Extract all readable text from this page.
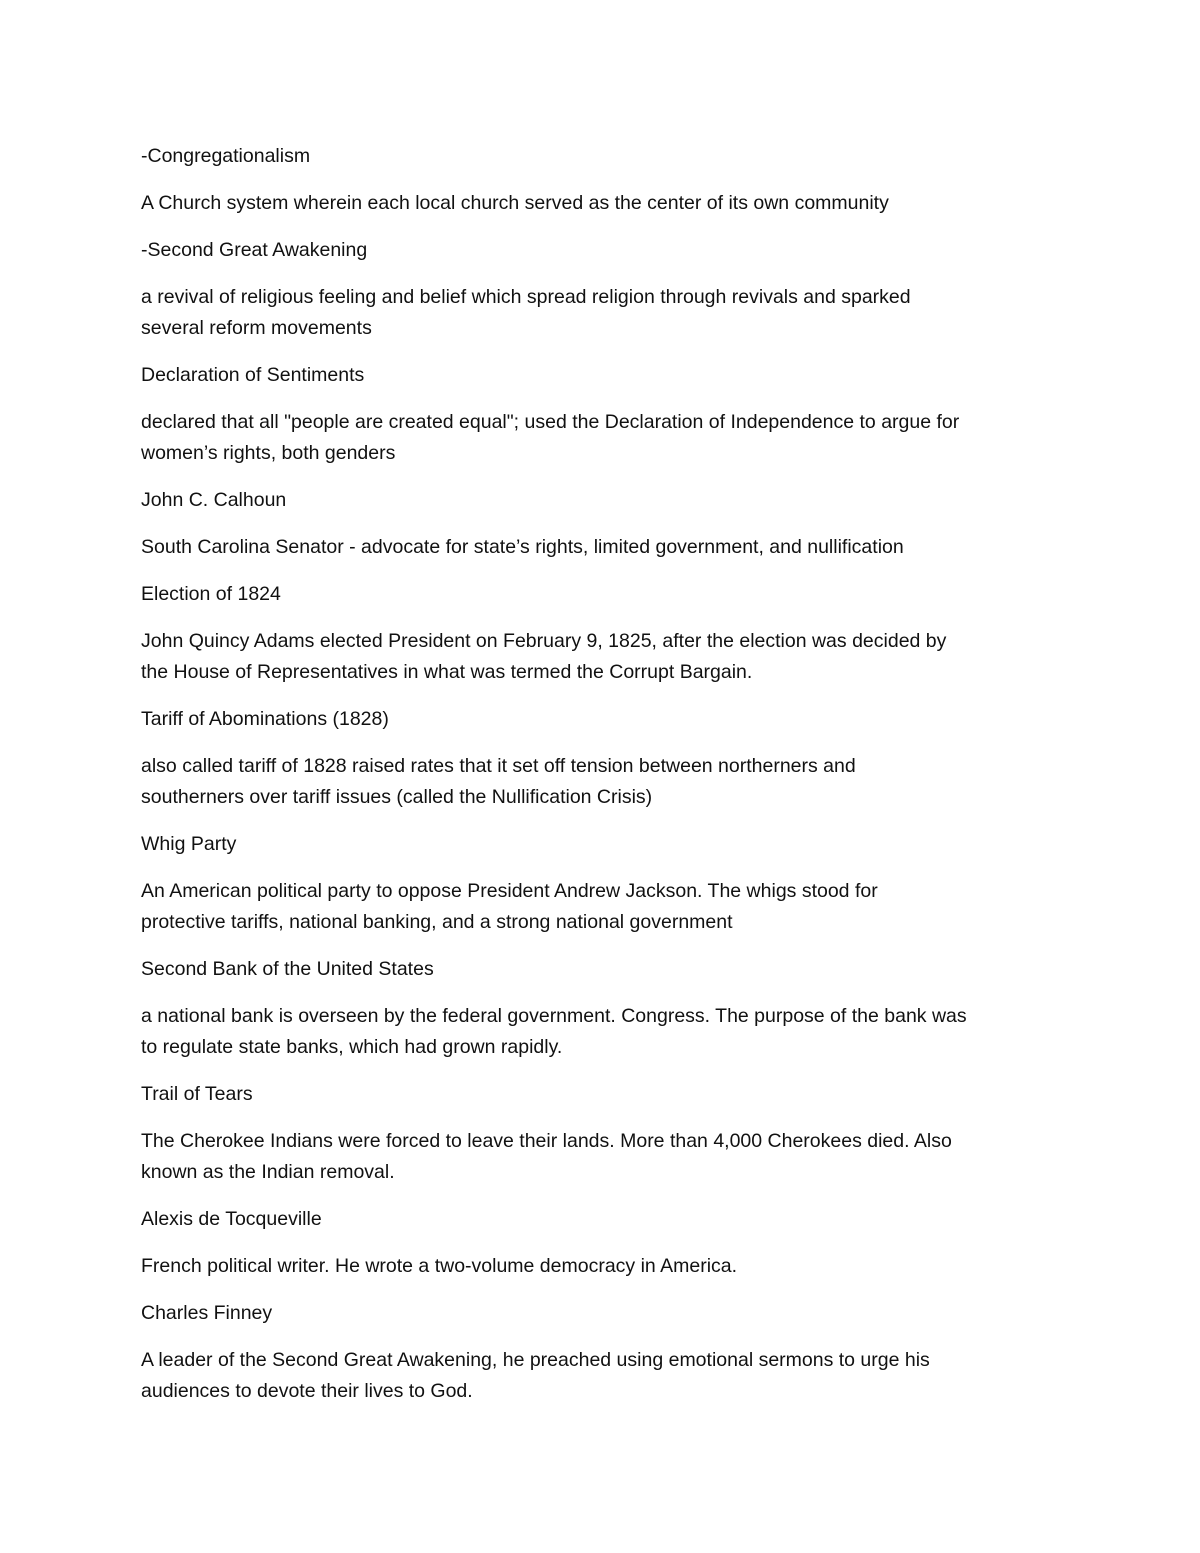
-Congregationalism

A Church system wherein each local church served as the center of its own community

-Second Great Awakening

a revival of religious feeling and belief which spread religion through revivals and sparked
several reform movements

Declaration of Sentiments

declared that all "people are created equal"; used the Declaration of Independence to argue for
women’s rights, both genders

John C. Calhoun

South Carolina Senator - advocate for state’s rights, limited government, and nullification

Election of 1824

John Quincy Adams elected President on February 9, 1825, after the election was decided by
the House of Representatives in what was termed the Corrupt Bargain.

Tariff of Abominations (1828)

also called tariff of 1828 raised rates that it set off tension between northerners and
southerners over tariff issues (called the Nullification Crisis)

Whig Party

An American political party to oppose President Andrew Jackson. The whigs stood for
protective tariffs, national banking, and a strong national government

Second Bank of the United States

a national bank is overseen by the federal government. Congress. The purpose of the bank was
to regulate state banks, which had grown rapidly.

Trail of Tears

The Cherokee Indians were forced to leave their lands. More than 4,000 Cherokees died. Also
known as the Indian removal.

Alexis de Tocqueville

French political writer. He wrote a two-volume democracy in America.

Charles Finney

A leader of the Second Great Awakening, he preached using emotional sermons to urge his
audiences to devote their lives to God.
